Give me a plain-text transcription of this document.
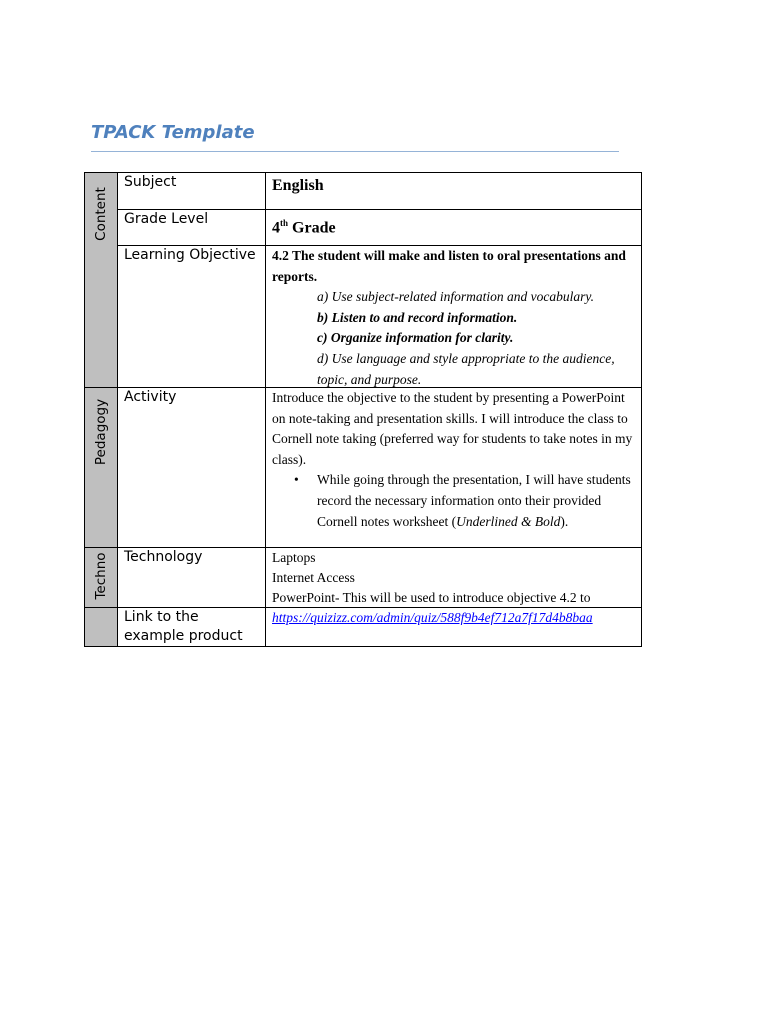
TPACK Template
Content	Subject	English

	Grade Level	4th Grade

	Learning Objective	4.2 The student will make and listen to oral presentations and reports.
a) Use subject-related information and vocabulary.
b) Listen to and record information.
c) Organize information for clarity.
d) Use language and style appropriate to the audience, topic, and purpose.

Pedagogy	Activity	Introduce the objective to the student by presenting a PowerPoint on note-taking and presentation skills. I will introduce the class to Cornell note taking (preferred way for students to take notes in my class).
• While going through the presentation, I will have students record the necessary information onto their provided Cornell notes worksheet (Underlined & Bold).

Techno	Technology	Laptops
Internet Access
PowerPoint- This will be used to introduce objective 4.2 to

	Link to the example product	https://quizizz.com/admin/quiz/588f9b4ef712a7f17d4b8baa
